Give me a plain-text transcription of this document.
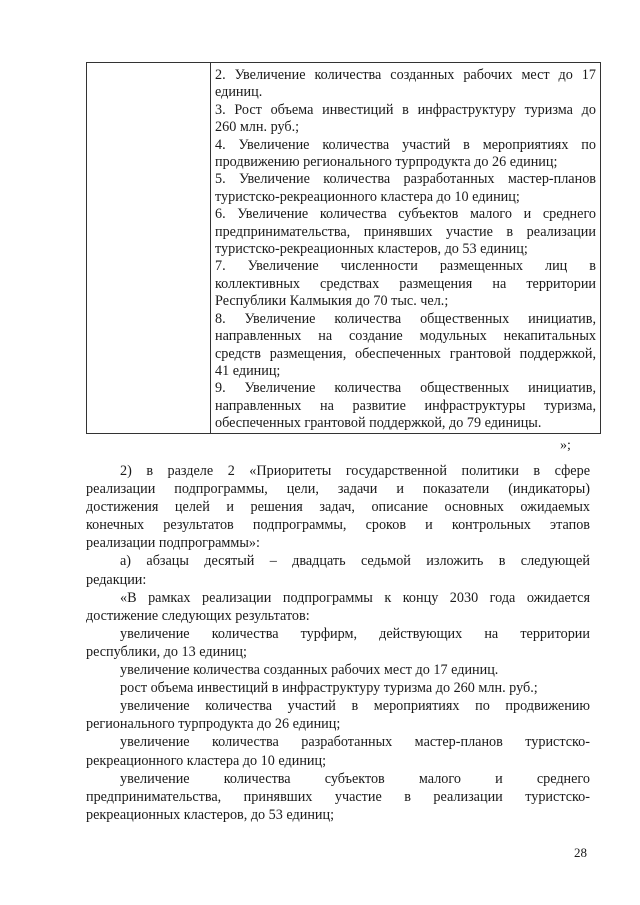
2. Увеличение количества созданных рабочих мест до 17
единиц.
3. Рост объема инвестиций в инфраструктуру туризма до
260 млн. руб.;
4. Увеличение количества участий в мероприятиях по
продвижению регионального турпродукта до 26 единиц;
5. Увеличение количества разработанных мастер-планов
туристско-рекреационного кластера до 10 единиц;
6. Увеличение количества субъектов малого и среднего
предпринимательства, принявших участие в реализации
туристско-рекреационных кластеров, до 53 единиц;
7. Увеличение численности размещенных лиц в
коллективных средствах размещения на территории
Республики Калмыкия до 70 тыс. чел.;
8. Увеличение количества общественных инициатив,
направленных на создание модульных некапитальных
средств размещения, обеспеченных грантовой поддержкой,
41 единиц;
9. Увеличение количества общественных инициатив,
направленных на развитие инфраструктуры туризма,
обеспеченных грантовой поддержкой, до 79 единицы.
»;
2) в разделе 2 «Приоритеты государственной политики в сфере
реализации подпрограммы, цели, задачи и показатели (индикаторы)
достижения целей и решения задач, описание основных ожидаемых
конечных результатов подпрограммы, сроков и контрольных этапов
реализации подпрограммы»:
а) абзацы десятый – двадцать седьмой изложить в следующей
редакции:
«В рамках реализации подпрограммы к концу 2030 года ожидается
достижение следующих результатов:
увеличение количества турфирм, действующих на территории
республики, до 13 единиц;
увеличение количества созданных рабочих мест до 17 единиц.
рост объема инвестиций в инфраструктуру туризма до 260 млн. руб.;
увеличение количества участий в мероприятиях по продвижению
регионального турпродукта до 26 единиц;
увеличение количества разработанных мастер-планов туристско-
рекреационного кластера до 10 единиц;
увеличение количества субъектов малого и среднего
предпринимательства, принявших участие в реализации туристско-
рекреационных кластеров, до 53 единиц;
28
